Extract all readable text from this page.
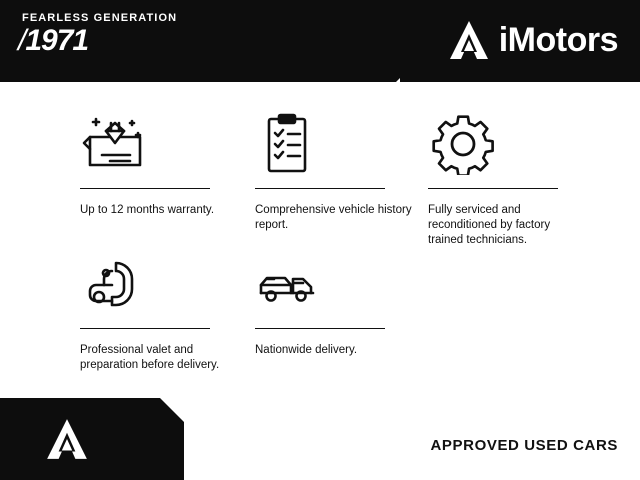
FEARLESS GENERATION
/1971	iMotors
Up to 12 months warranty.	Comprehensive vehicle history report.
Fully serviced and reconditioned by factory trained technicians.
Professional valet and preparation before delivery.
Nationwide delivery.
APPROVED USED CARS
